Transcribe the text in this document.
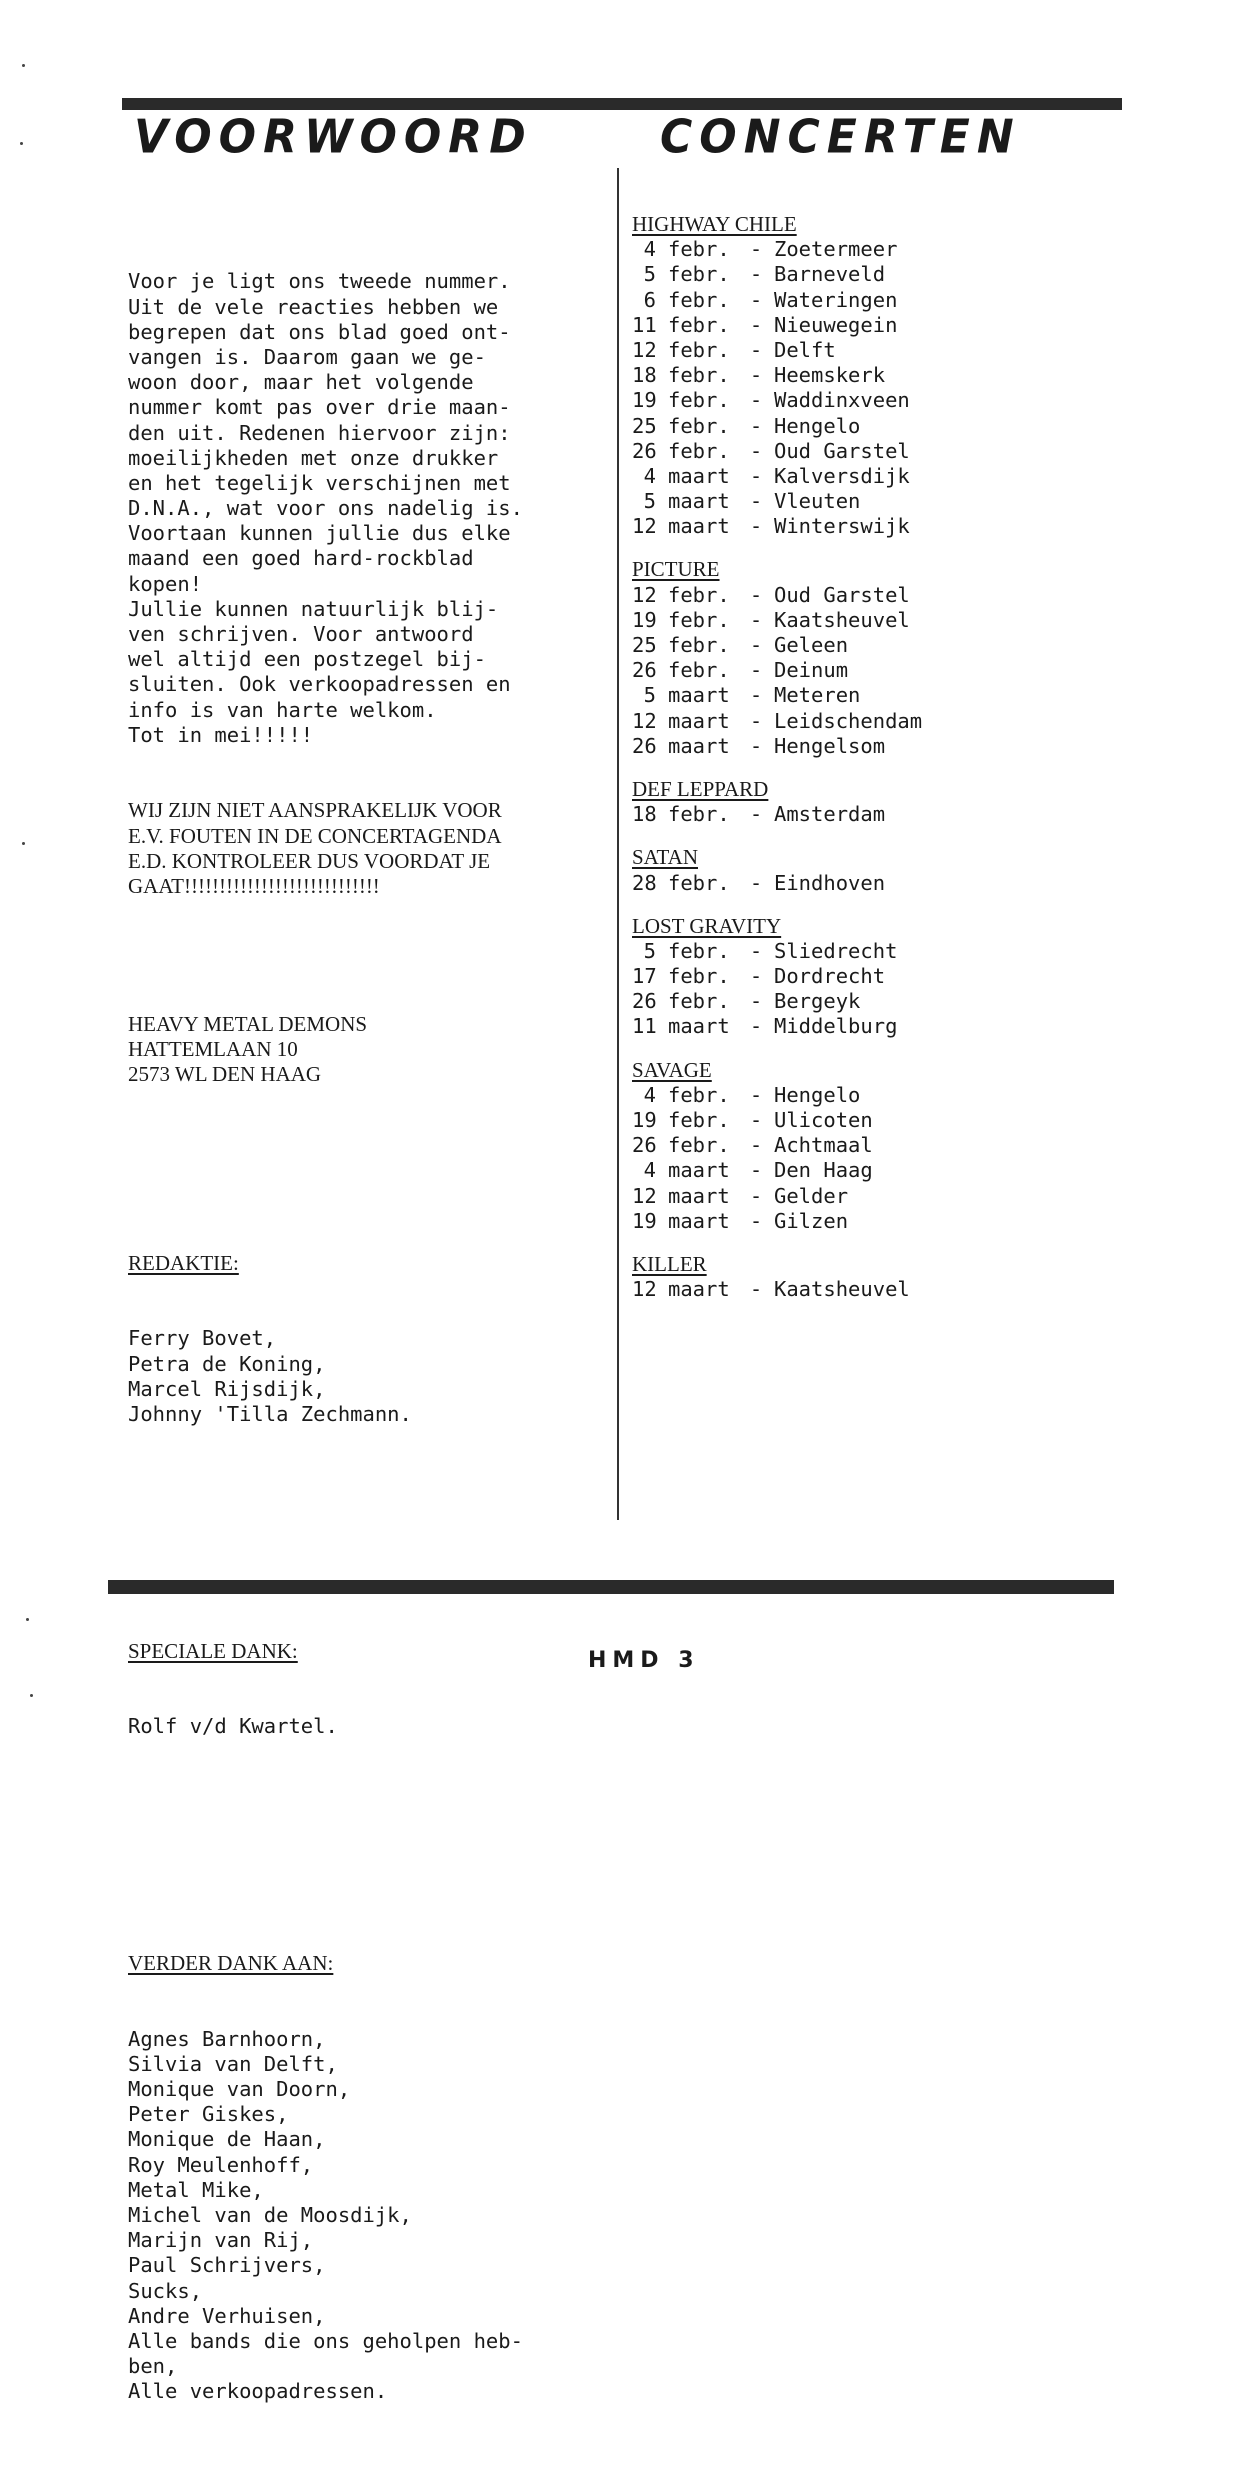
VOORWOORD	CONCERTEN

Voor je ligt ons tweede nummer.
Uit de vele reacties hebben we
begrepen dat ons blad goed ont-
vangen is. Daarom gaan we ge-
woon door, maar het volgende
nummer komt pas over drie maan-
den uit. Redenen hiervoor zijn:
moeilijkheden met onze drukker
en het tegelijk verschijnen met
D.N.A., wat voor ons nadelig is.
Voortaan kunnen jullie dus elke
maand een goed hard-rockblad
kopen!
Jullie kunnen natuurlijk blij-
ven schrijven. Voor antwoord
wel altijd een postzegel bij-
sluiten. Ook verkoopadressen en
info is van harte welkom.
Tot in mei!!!!!

WIJ ZIJN NIET AANSPRAKELIJK VOOR
E.V. FOUTEN IN DE CONCERTAGENDA
E.D. KONTROLEER DUS VOORDAT JE
GAAT!!!!!!!!!!!!!!!!!!!!!!!!!!!!

HEAVY METAL DEMONS
HATTEMLAAN 10
2573 WL DEN HAAG

REDAKTIE:

Ferry Bovet,
Petra de Koning,
Marcel Rijsdijk,
Johnny 'Tilla Zechmann.

SPECIALE DANK:

Rolf v/d Kwartel.

VERDER DANK AAN:

Agnes Barnhoorn,
Silvia van Delft,
Monique van Doorn,
Peter Giskes,
Monique de Haan,
Roy Meulenhoff,
Metal Mike,
Michel van de Moosdijk,
Marijn van Rij,
Paul Schrijvers,
Sucks,
Andre Verhuisen,
Alle bands die ons geholpen heb-
ben,
Alle verkoopadressen.

HIGHWAY CHILE
4 febr. - Zoetermeer
5 febr. - Barneveld
6 febr. - Wateringen
11 febr. - Nieuwegein
12 febr. - Delft
18 febr. - Heemskerk
19 febr. - Waddinxveen
25 febr. - Hengelo
26 febr. - Oud Garstel
4 maart - Kalversdijk
5 maart - Vleuten
12 maart - Winterswijk
PICTURE
12 febr. - Oud Garstel
19 febr. - Kaatsheuvel
25 febr. - Geleen
26 febr. - Deinum
5 maart - Meteren
12 maart - Leidschendam
26 maart - Hengelsom
DEF LEPPARD
18 febr. - Amsterdam
SATAN
28 febr. - Eindhoven
LOST GRAVITY
5 febr. - Sliedrecht
17 febr. - Dordrecht
26 febr. - Bergeyk
11 maart - Middelburg
SAVAGE
4 febr. - Hengelo
19 febr. - Ulicoten
26 febr. - Achtmaal
4 maart - Den Haag
12 maart - Gelder
19 maart - Gilzen
KILLER
12 maart - Kaatsheuvel
HMD 3
